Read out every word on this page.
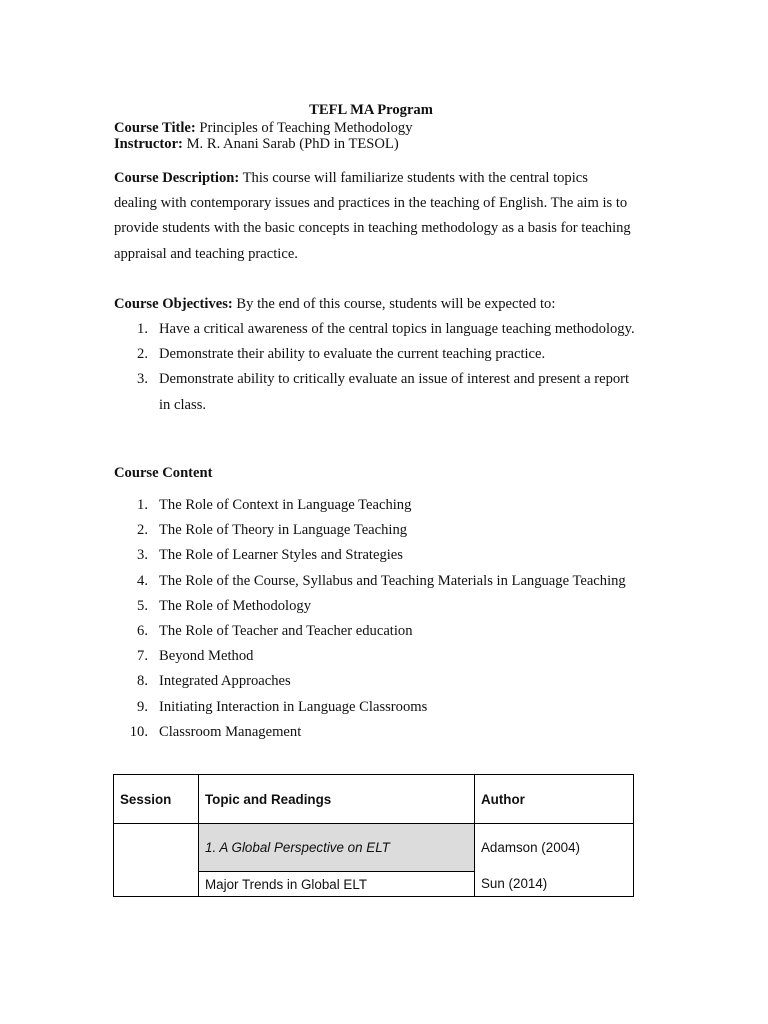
TEFL MA Program
Course Title: Principles of Teaching Methodology
Instructor: M. R. Anani Sarab (PhD in TESOL)
Course Description: This course will familiarize students with the central topics dealing with contemporary issues and practices in the teaching of English. The aim is to provide students with the basic concepts in teaching methodology as a basis for teaching appraisal and teaching practice.
Course Objectives: By the end of this course, students will be expected to:
1. Have a critical awareness of the central topics in language teaching methodology.
2. Demonstrate their ability to evaluate the current teaching practice.
3. Demonstrate ability to critically evaluate an issue of interest and present a report in class.
Course Content
1. The Role of Context in Language Teaching
2. The Role of Theory in Language Teaching
3. The Role of Learner Styles and Strategies
4. The Role of the Course, Syllabus and Teaching Materials in Language Teaching
5. The Role of Methodology
6. The Role of Teacher and Teacher education
7. Beyond Method
8. Integrated Approaches
9. Initiating Interaction in Language Classrooms
10. Classroom Management
Session	Topic and Readings	Author
	1. A Global Perspective on ELT	Adamson (2004)
	Major Trends in Global ELT	Sun (2014)
